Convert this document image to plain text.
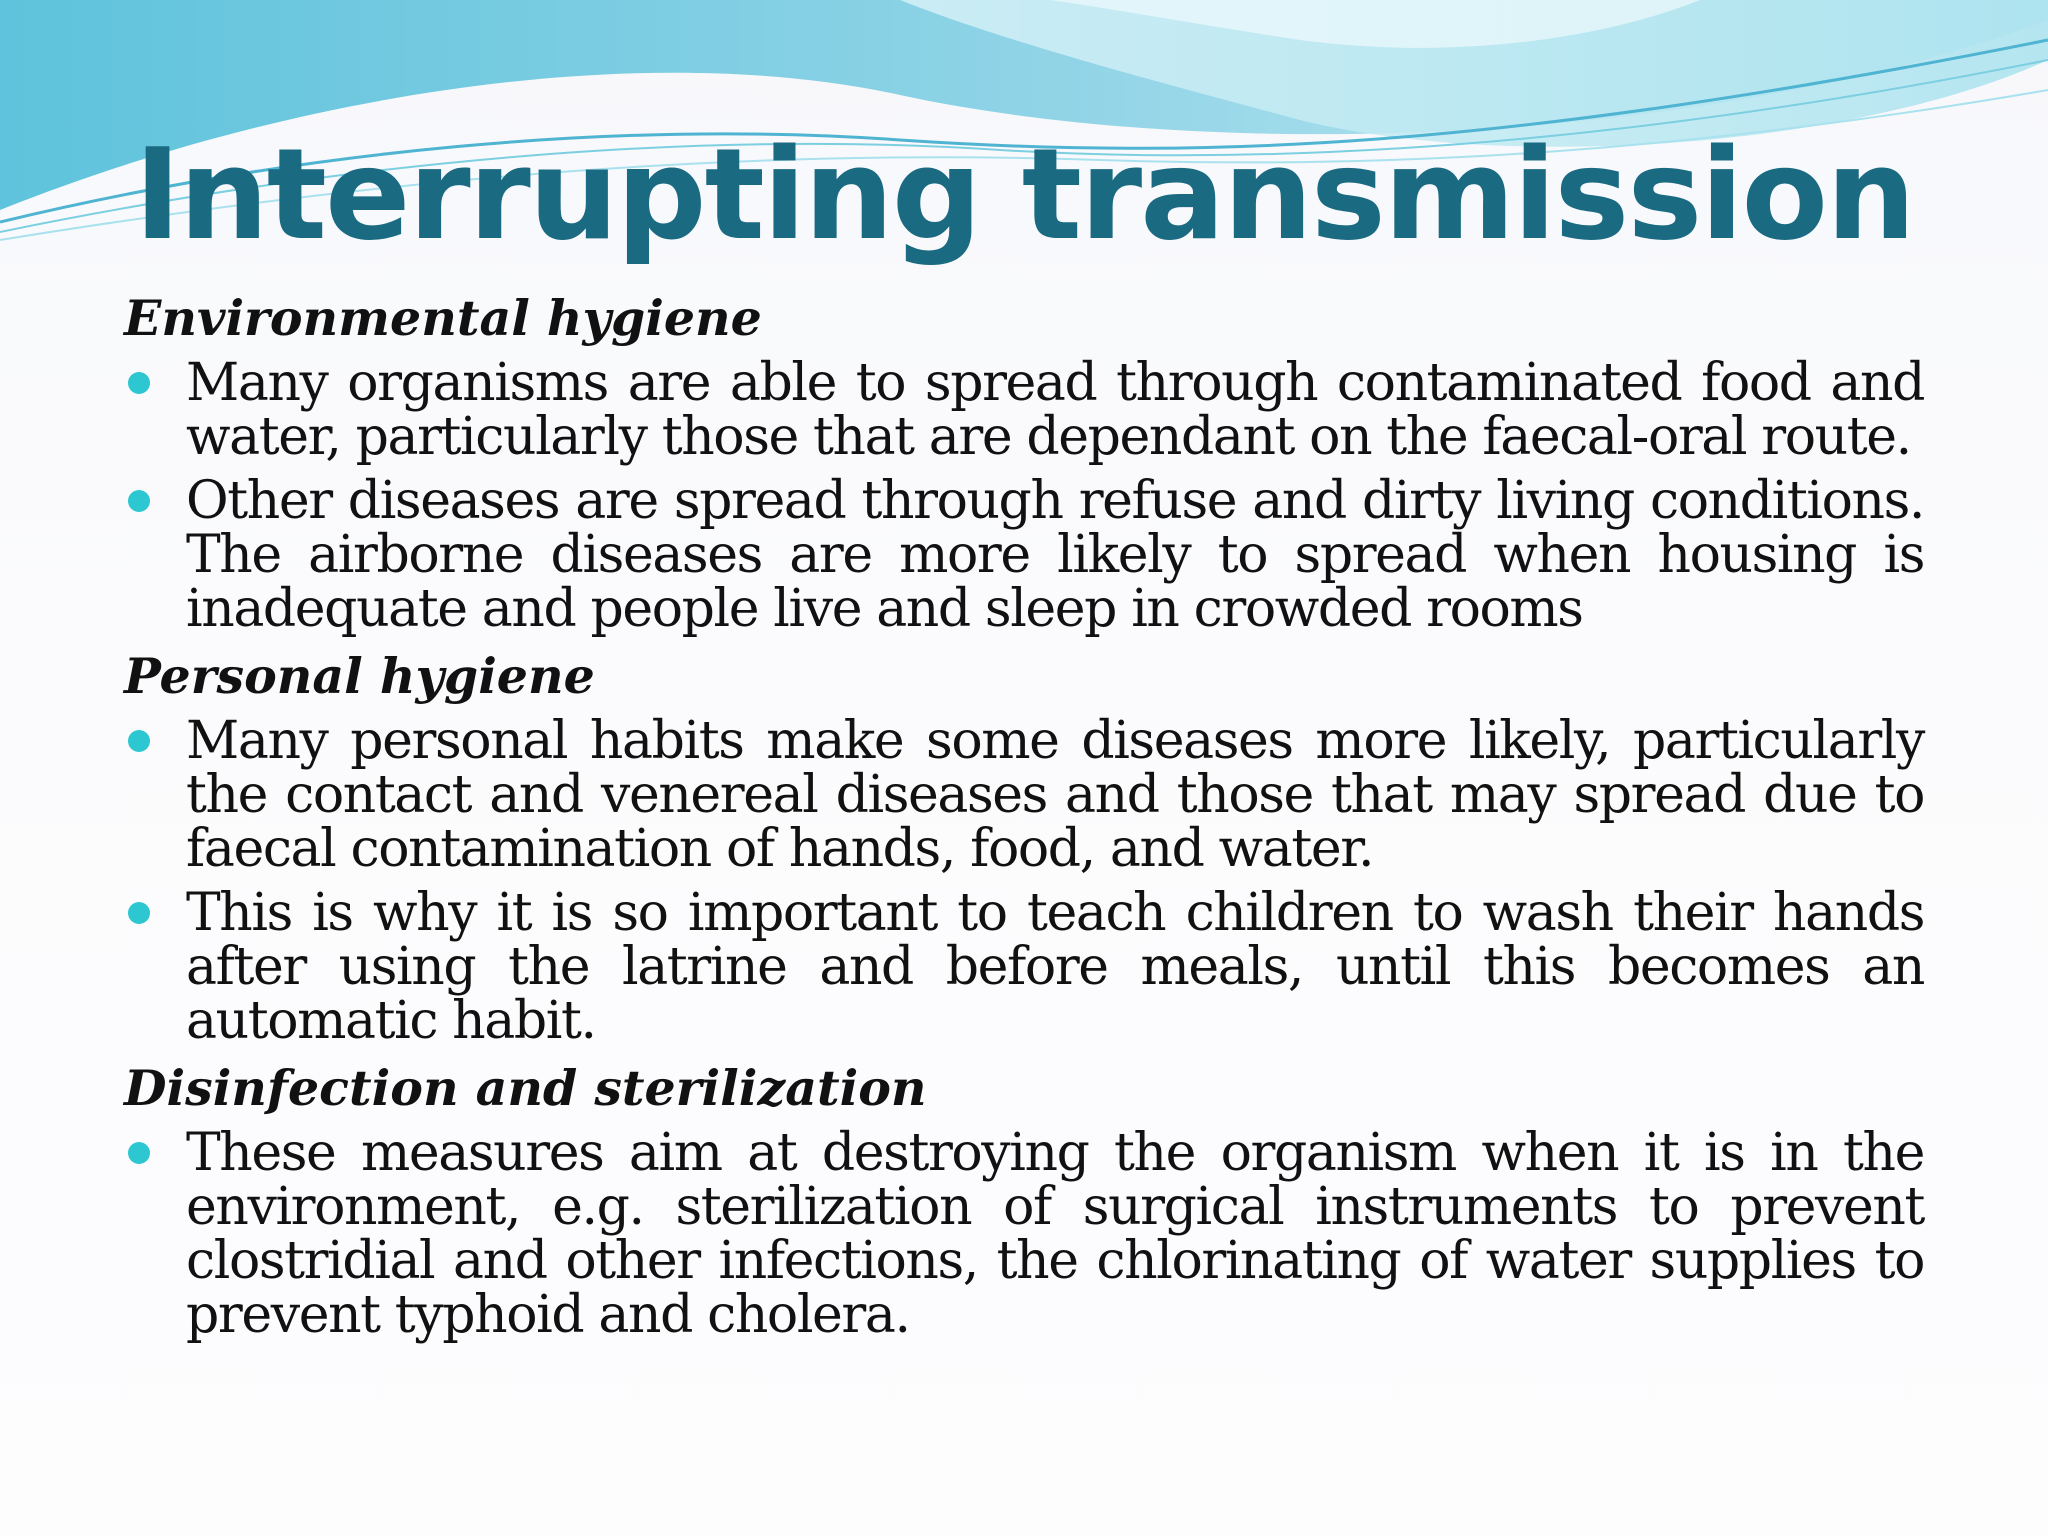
Interrupting transmission

Environmental hygiene

Many organisms are able to spread through contaminated food and water, particularly those that are dependant on the faecal-oral route.
Other diseases are spread through refuse and dirty living conditions. The airborne diseases are more likely to spread when housing is inadequate and people live and sleep in crowded rooms

Personal hygiene

Many personal habits make some diseases more likely, particularly the contact and venereal diseases and those that may spread due to faecal contamination of hands, food, and water.
This is why it is so important to teach children to wash their hands after using the latrine and before meals, until this becomes an automatic habit.

Disinfection and sterilization

These measures aim at destroying the organism when it is in the environment, e.g. sterilization of surgical instruments to prevent clostridial and other infections, the chlorinating of water supplies to prevent typhoid and cholera.
